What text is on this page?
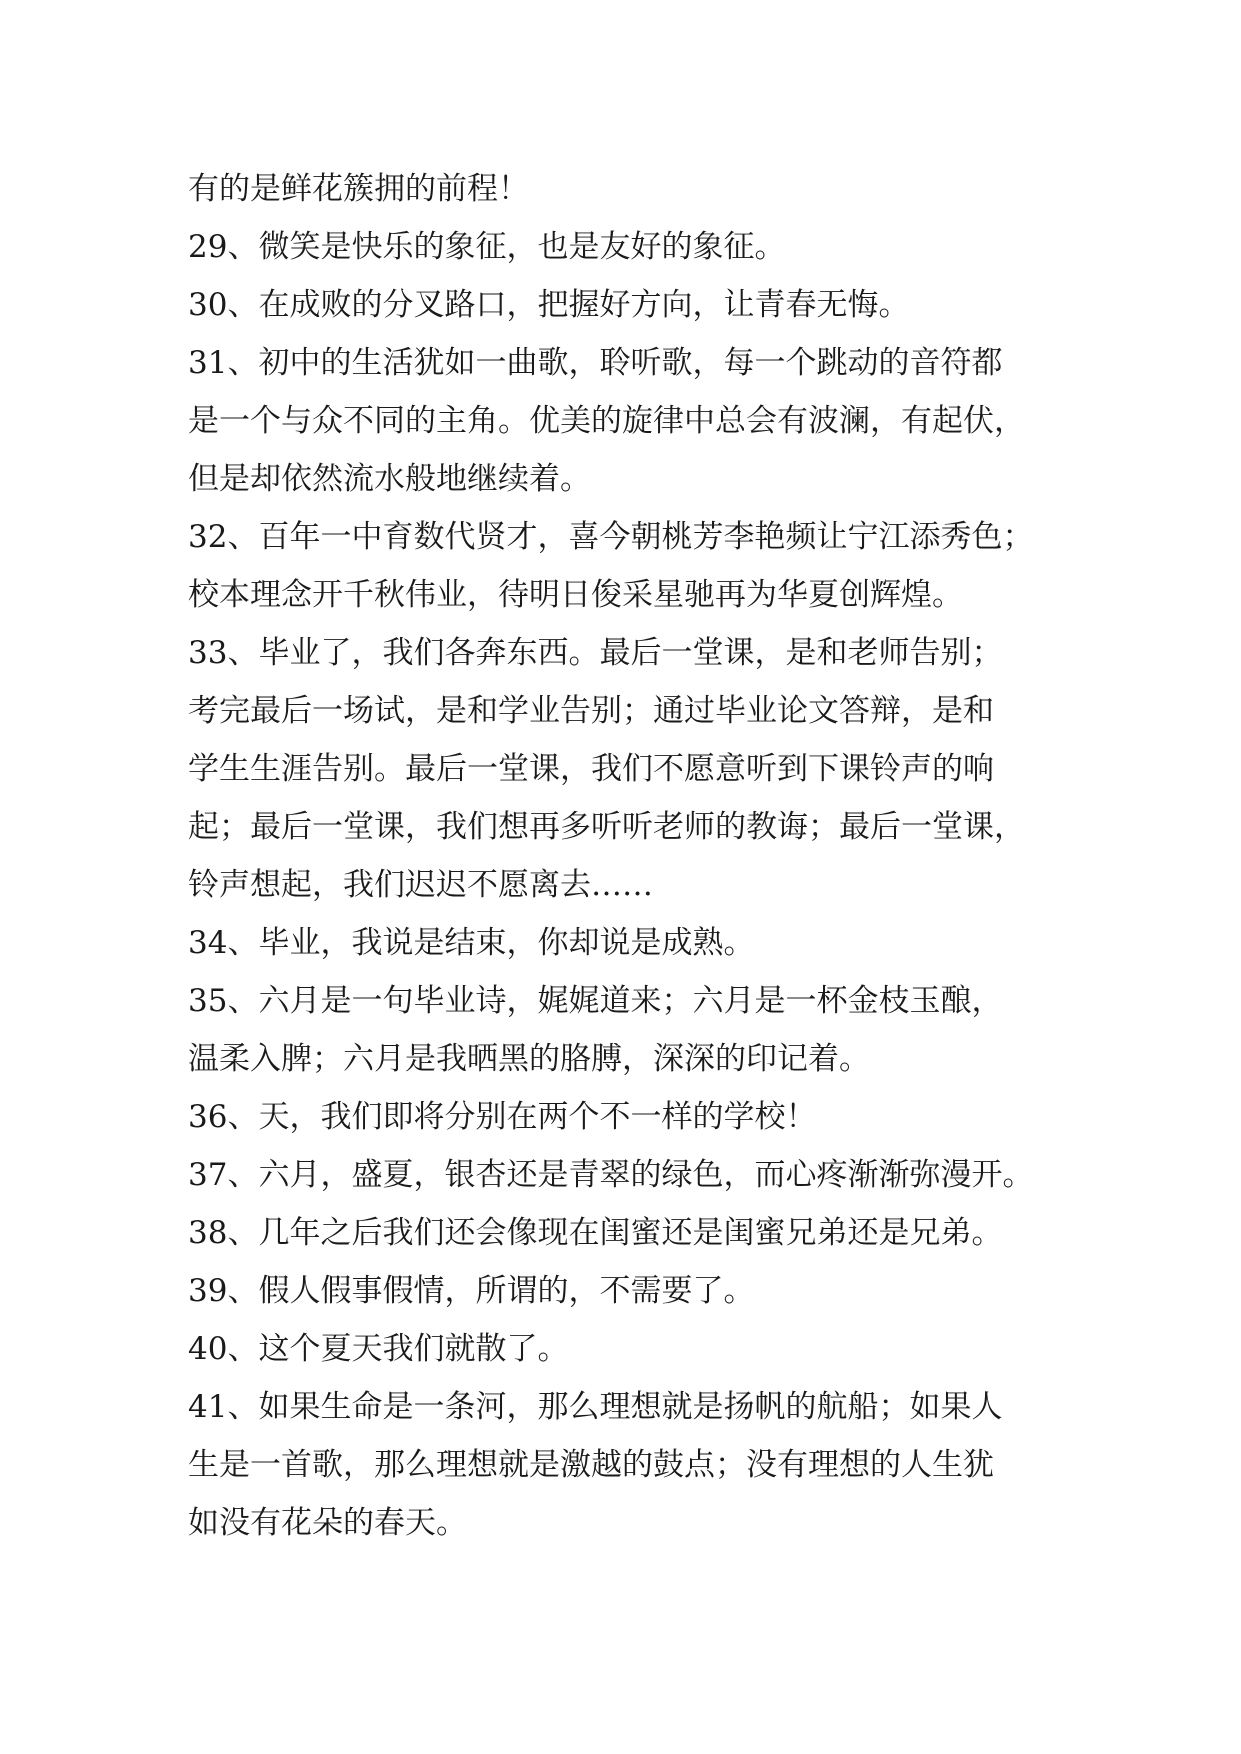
有的是鲜花簇拥的前程！

29、微笑是快乐的象征，也是友好的象征。

30、在成败的分叉路口，把握好方向，让青春无悔。

31、初中的生活犹如一曲歌，聆听歌，每一个跳动的音符都

是一个与众不同的主角。优美的旋律中总会有波澜，有起伏，

但是却依然流水般地继续着。

32、百年一中育数代贤才，喜今朝桃芳李艳频让宁江添秀色；

校本理念开千秋伟业，待明日俊采星驰再为华夏创辉煌。

33、毕业了，我们各奔东西。最后一堂课，是和老师告别；

考完最后一场试，是和学业告别；通过毕业论文答辩，是和

学生生涯告别。最后一堂课，我们不愿意听到下课铃声的响

起；最后一堂课，我们想再多听听老师的教诲；最后一堂课，

铃声想起，我们迟迟不愿离去……

34、毕业，我说是结束，你却说是成熟。

35、六月是一句毕业诗，娓娓道来；六月是一杯金枝玉酿，

温柔入脾；六月是我晒黑的胳膊，深深的印记着。

36、天，我们即将分别在两个不一样的学校！

37、六月，盛夏，银杏还是青翠的绿色，而心疼渐渐弥漫开。

38、几年之后我们还会像现在闺蜜还是闺蜜兄弟还是兄弟。

39、假人假事假情，所谓的，不需要了。

40、这个夏天我们就散了。

41、如果生命是一条河，那么理想就是扬帆的航船；如果人

生是一首歌，那么理想就是激越的鼓点；没有理想的人生犹

如没有花朵的春天。
